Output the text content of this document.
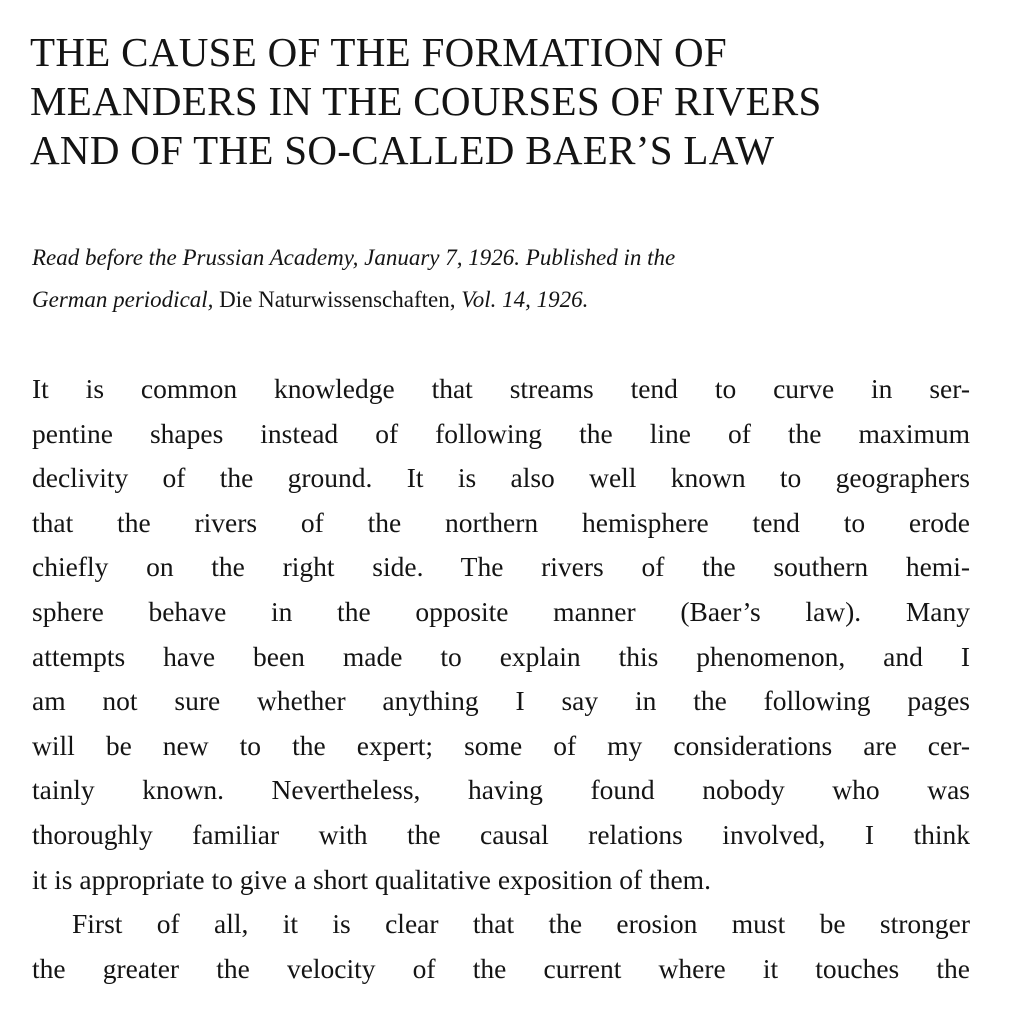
THE CAUSE OF THE FORMATION OF
MEANDERS IN THE COURSES OF RIVERS
AND OF THE SO-CALLED BAER’S LAW

Read before the Prussian Academy, January 7, 1926. Published in the
German periodical, Die Naturwissenschaften, Vol. 14, 1926.

It is common knowledge that streams tend to curve in ser-
pentine shapes instead of following the line of the maximum
declivity of the ground. It is also well known to geographers
that the rivers of the northern hemisphere tend to erode
chiefly on the right side. The rivers of the southern hemi-
sphere behave in the opposite manner (Baer’s law). Many
attempts have been made to explain this phenomenon, and I
am not sure whether anything I say in the following pages
will be new to the expert; some of my considerations are cer-
tainly known. Nevertheless, having found nobody who was
thoroughly familiar with the causal relations involved, I think
it is appropriate to give a short qualitative exposition of them.
First of all, it is clear that the erosion must be stronger
the greater the velocity of the current where it touches the
